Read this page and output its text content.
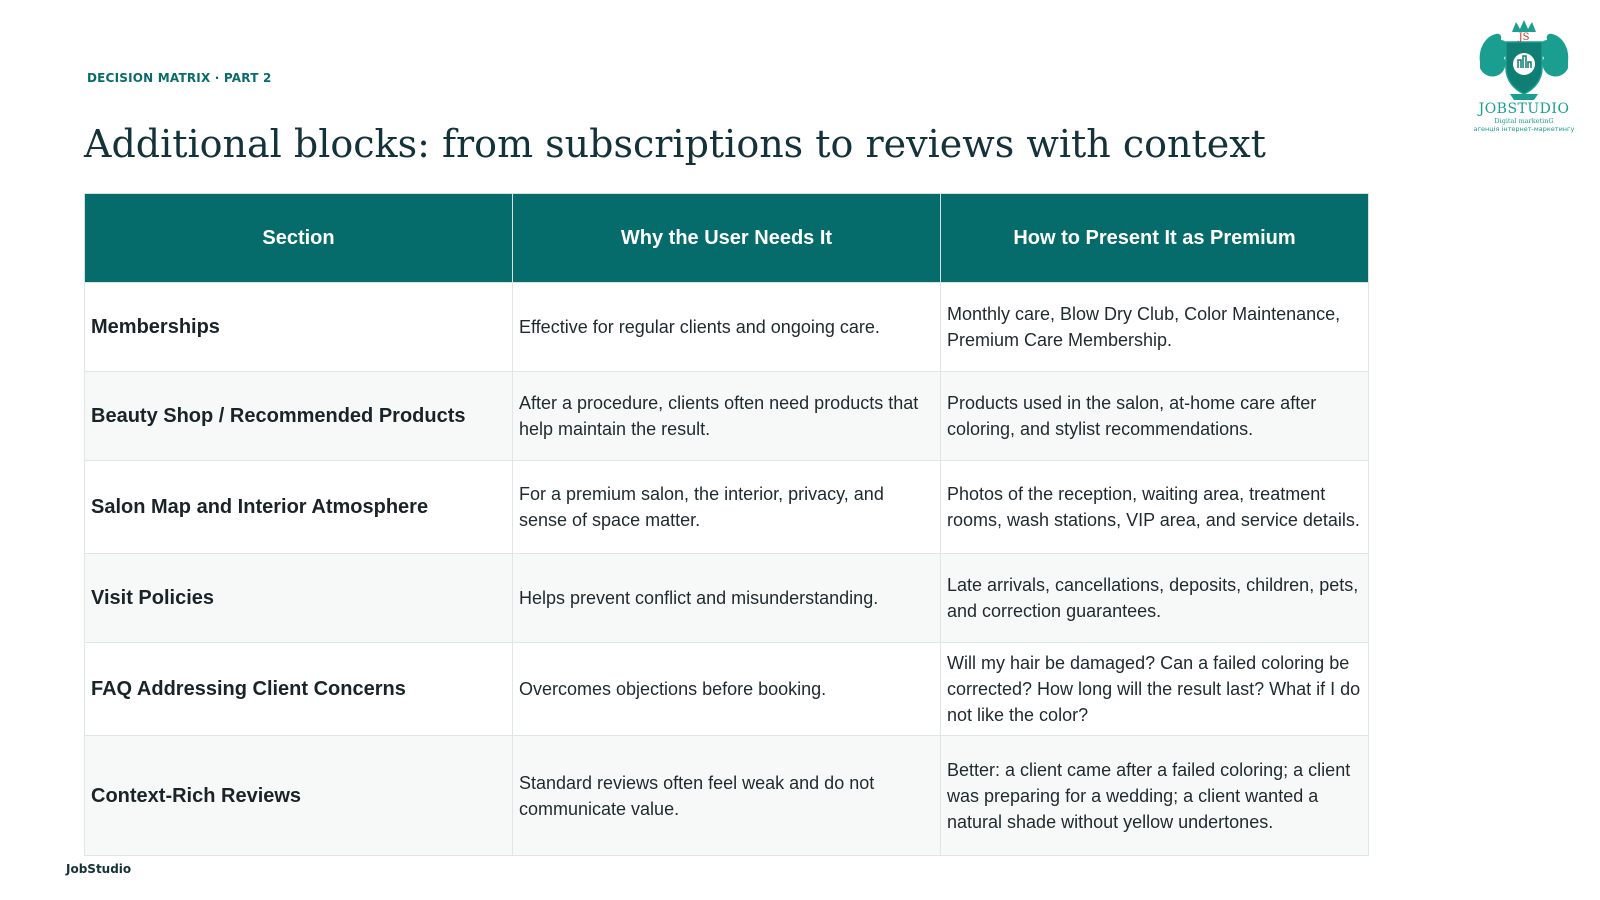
DECISION MATRIX · PART 2
Additional blocks: from subscriptions to reviews with context
JS
JOBSTUDIO
Digital marketinG
агенція інтернет-маркетингу
Section	Why the User Needs It	How to Present It as Premium
Memberships	Effective for regular clients and ongoing care.	Monthly care, Blow Dry Club, Color Maintenance, Premium Care Membership.
Beauty Shop / Recommended Products	After a procedure, clients often need products that help maintain the result.	Products used in the salon, at-home care after coloring, and stylist recommendations.
Salon Map and Interior Atmosphere	For a premium salon, the interior, privacy, and sense of space matter.	Photos of the reception, waiting area, treatment rooms, wash stations, VIP area, and service details.
Visit Policies	Helps prevent conflict and misunderstanding.	Late arrivals, cancellations, deposits, children, pets, and correction guarantees.
FAQ Addressing Client Concerns	Overcomes objections before booking.	Will my hair be damaged? Can a failed coloring be corrected? How long will the result last? What if I do not like the color?
Context-Rich Reviews	Standard reviews often feel weak and do not communicate value.	Better: a client came after a failed coloring; a client was preparing for a wedding; a client wanted a natural shade without yellow undertones.
JobStudio
